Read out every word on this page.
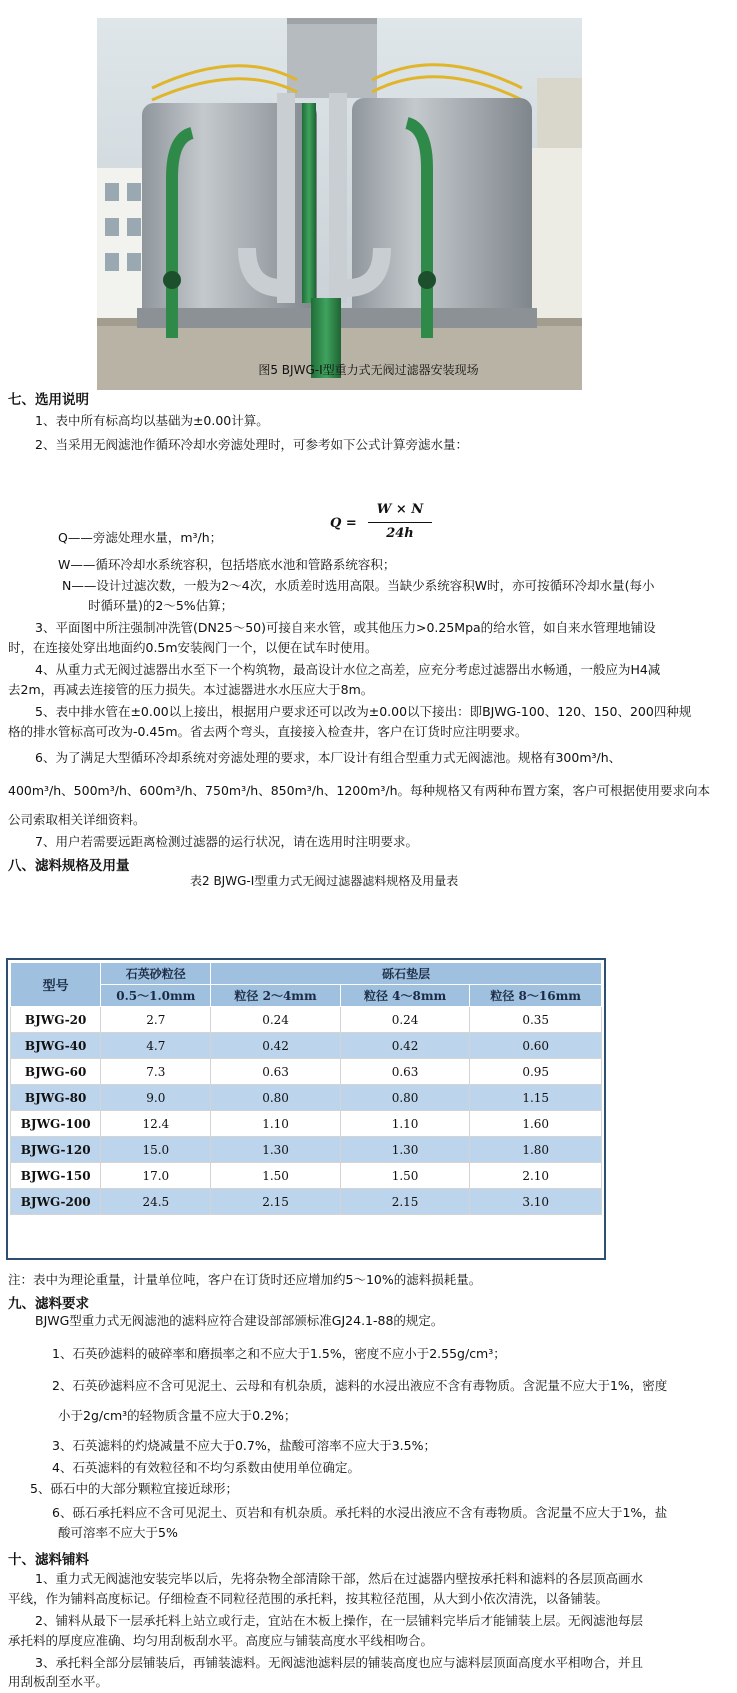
图5 BJWG-Ⅰ型重力式无阀过滤器安装现场
七、选用说明
1、表中所有标高均以基础为±0.00计算。
2、当采用无阀滤池作循环冷却水旁滤处理时，可参考如下公式计算旁滤水量：
Q =
W × N
24h
Q——旁滤处理水量，m³/h；
W——循环冷却水系统容积，包括塔底水池和管路系统容积；
N——设计过滤次数，一般为2～4次，水质差时选用高限。当缺少系统容积W时，亦可按循环冷却水量(每小
时循环量)的2～5%估算；
3、平面图中所注强制冲洗管(DN25～50)可接自来水管，或其他压力>0.25Mpa的给水管，如自来水管理地铺设
时，在连接处穿出地面约0.5m安装阀门一个，以便在试车时使用。
4、从重力式无阀过滤器出水至下一个构筑物，最高设计水位之高差，应充分考虑过滤器出水畅通，一般应为H4减
去2m，再减去连接管的压力损失。本过滤器进水水压应大于8m。
5、表中排水管在±0.00以上接出，根据用户要求还可以改为±0.00以下接出：即BJWG-100、120、150、200四种规
格的排水管标高可改为-0.45m。省去两个弯头，直接接入检查井，客户在订货时应注明要求。
6、为了满足大型循环冷却系统对旁滤处理的要求，本厂设计有组合型重力式无阀滤池。规格有300m³/h、
400m³/h、500m³/h、600m³/h、750m³/h、850m³/h、1200m³/h。每种规格又有两种布置方案，客户可根据使用要求向本
公司索取相关详细资料。
7、用户若需要远距离检测过滤器的运行状况，请在选用时注明要求。
八、滤料规格及用量
表2 BJWG-Ⅰ型重力式无阀过滤器滤料规格及用量表
型号	石英砂粒径	砾石垫层		
	0.5～1.0mm	粒径 2～4mm	粒径 4～8mm	粒径 8～16mm
BJWG-20	2.7	0.24	0.24	0.35
BJWG-40	4.7	0.42	0.42	0.60
BJWG-60	7.3	0.63	0.63	0.95
BJWG-80	9.0	0.80	0.80	1.15
BJWG-100	12.4	1.10	1.10	1.60
BJWG-120	15.0	1.30	1.30	1.80
BJWG-150	17.0	1.50	1.50	2.10
BJWG-200	24.5	2.15	2.15	3.10
注：表中为理论重量，计量单位吨，客户在订货时还应增加约5～10%的滤料损耗量。
九、滤料要求
BJWG型重力式无阀滤池的滤料应符合建设部部颁标准GJ24.1-88的规定。
1、石英砂滤料的破碎率和磨损率之和不应大于1.5%，密度不应小于2.55g/cm³；
2、石英砂滤料应不含可见泥土、云母和有机杂质，滤料的水浸出液应不含有毒物质。含泥量不应大于1%，密度
小于2g/cm³的轻物质含量不应大于0.2%；
3、石英滤料的灼烧减量不应大于0.7%，盐酸可溶率不应大于3.5%；
4、石英滤料的有效粒径和不均匀系数由使用单位确定。
5、砾石中的大部分颗粒宜接近球形；
6、砾石承托料应不含可见泥土、页岩和有机杂质。承托料的水浸出液应不含有毒物质。含泥量不应大于1%，盐
酸可溶率不应大于5%
十、滤料铺料
1、重力式无阀滤池安装完毕以后，先将杂物全部清除干部，然后在过滤器内壁按承托料和滤料的各层顶高画水
平线，作为铺料高度标记。仔细检查不同粒径范围的承托料，按其粒径范围，从大到小依次清洗，以备铺装。
2、铺料从最下一层承托料上站立或行走，宜站在木板上操作，在一层铺料完毕后才能铺装上层。无阀滤池每层
承托料的厚度应准确、均匀用刮板刮水平。高度应与铺装高度水平线相吻合。
3、承托料全部分层铺装后，再铺装滤料。无阀滤池滤料层的铺装高度也应与滤料层顶面高度水平相吻合，并且
用刮板刮至水平。
